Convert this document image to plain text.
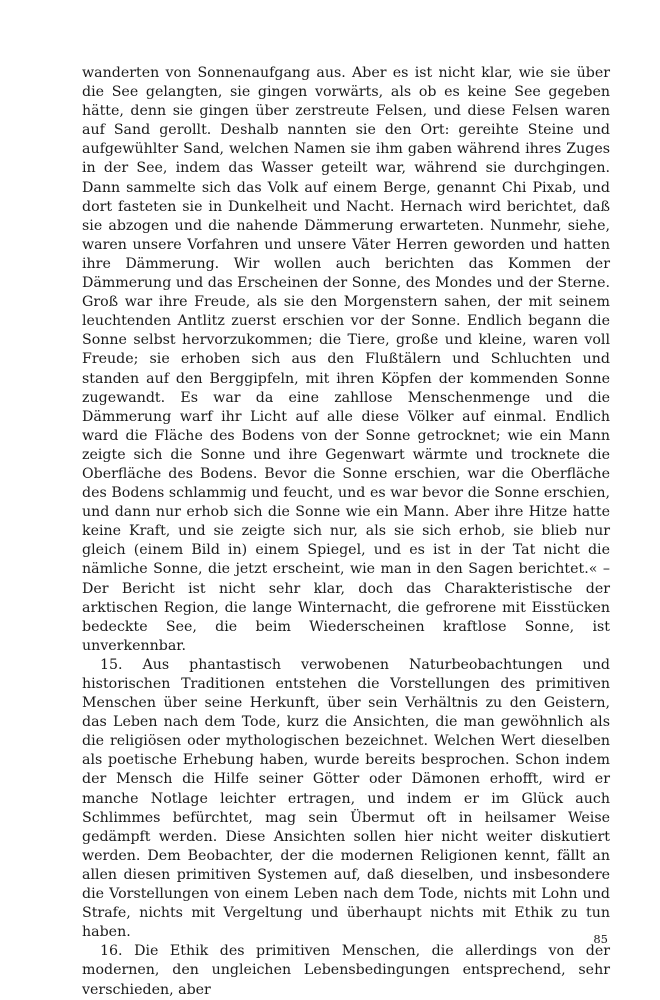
wanderten von Sonnenaufgang aus. Aber es ist nicht klar, wie sie über die See gelangten, sie gingen vorwärts, als ob es keine See gegeben hätte, denn sie gingen über zerstreute Felsen, und diese Felsen waren auf Sand gerollt. Deshalb nannten sie den Ort: gereihte Steine und aufgewühlter Sand, welchen Namen sie ihm gaben während ihres Zuges in der See, indem das Wasser geteilt war, während sie durchgingen. Dann sammelte sich das Volk auf einem Berge, genannt Chi Pixab, und dort fasteten sie in Dunkelheit und Nacht. Hernach wird berichtet, daß sie abzogen und die nahende Dämmerung erwarteten. Nunmehr, siehe, waren unsere Vorfahren und unsere Väter Herren geworden und hatten ihre Dämmerung. Wir wollen auch berichten das Kommen der Dämmerung und das Erscheinen der Sonne, des Mondes und der Sterne. Groß war ihre Freude, als sie den Morgenstern sahen, der mit seinem leuchtenden Antlitz zuerst erschien vor der Sonne. Endlich begann die Sonne selbst hervorzukommen; die Tiere, große und kleine, waren voll Freude; sie erhoben sich aus den Flußtälern und Schluchten und standen auf den Berggipfeln, mit ihren Köpfen der kommenden Sonne zugewandt. Es war da eine zahllose Menschenmenge und die Dämmerung warf ihr Licht auf alle diese Völker auf einmal. Endlich ward die Fläche des Bodens von der Sonne getrocknet; wie ein Mann zeigte sich die Sonne und ihre Gegenwart wärmte und trocknete die Oberfläche des Bodens. Bevor die Sonne erschien, war die Oberfläche des Bodens schlammig und feucht, und es war bevor die Sonne erschien, und dann nur erhob sich die Sonne wie ein Mann. Aber ihre Hitze hatte keine Kraft, und sie zeigte sich nur, als sie sich erhob, sie blieb nur gleich (einem Bild in) einem Spiegel, und es ist in der Tat nicht die nämliche Sonne, die jetzt erscheint, wie man in den Sagen berichtet.« – Der Bericht ist nicht sehr klar, doch das Charakteristische der arktischen Region, die lange Winternacht, die gefrorene mit Eisstücken bedeckte See, die beim Wiederscheinen kraftlose Sonne, ist unverkennbar.

15. Aus phantastisch verwobenen Naturbeobachtungen und historischen Traditionen entstehen die Vorstellungen des primitiven Menschen über seine Herkunft, über sein Verhältnis zu den Geistern, das Leben nach dem Tode, kurz die Ansichten, die man gewöhnlich als die religiösen oder mythologischen bezeichnet. Welchen Wert dieselben als poetische Erhebung haben, wurde bereits besprochen. Schon indem der Mensch die Hilfe seiner Götter oder Dämonen erhofft, wird er manche Notlage leichter ertragen, und indem er im Glück auch Schlimmes befürchtet, mag sein Übermut oft in heilsamer Weise gedämpft werden. Diese Ansichten sollen hier nicht weiter diskutiert werden. Dem Beobachter, der die modernen Religionen kennt, fällt an allen diesen primitiven Systemen auf, daß dieselben, und insbesondere die Vorstellungen von einem Leben nach dem Tode, nichts mit Lohn und Strafe, nichts mit Vergeltung und überhaupt nichts mit Ethik zu tun haben.

16. Die Ethik des primitiven Menschen, die allerdings von der modernen, den ungleichen Lebensbedingungen entsprechend, sehr verschieden, aber

85
